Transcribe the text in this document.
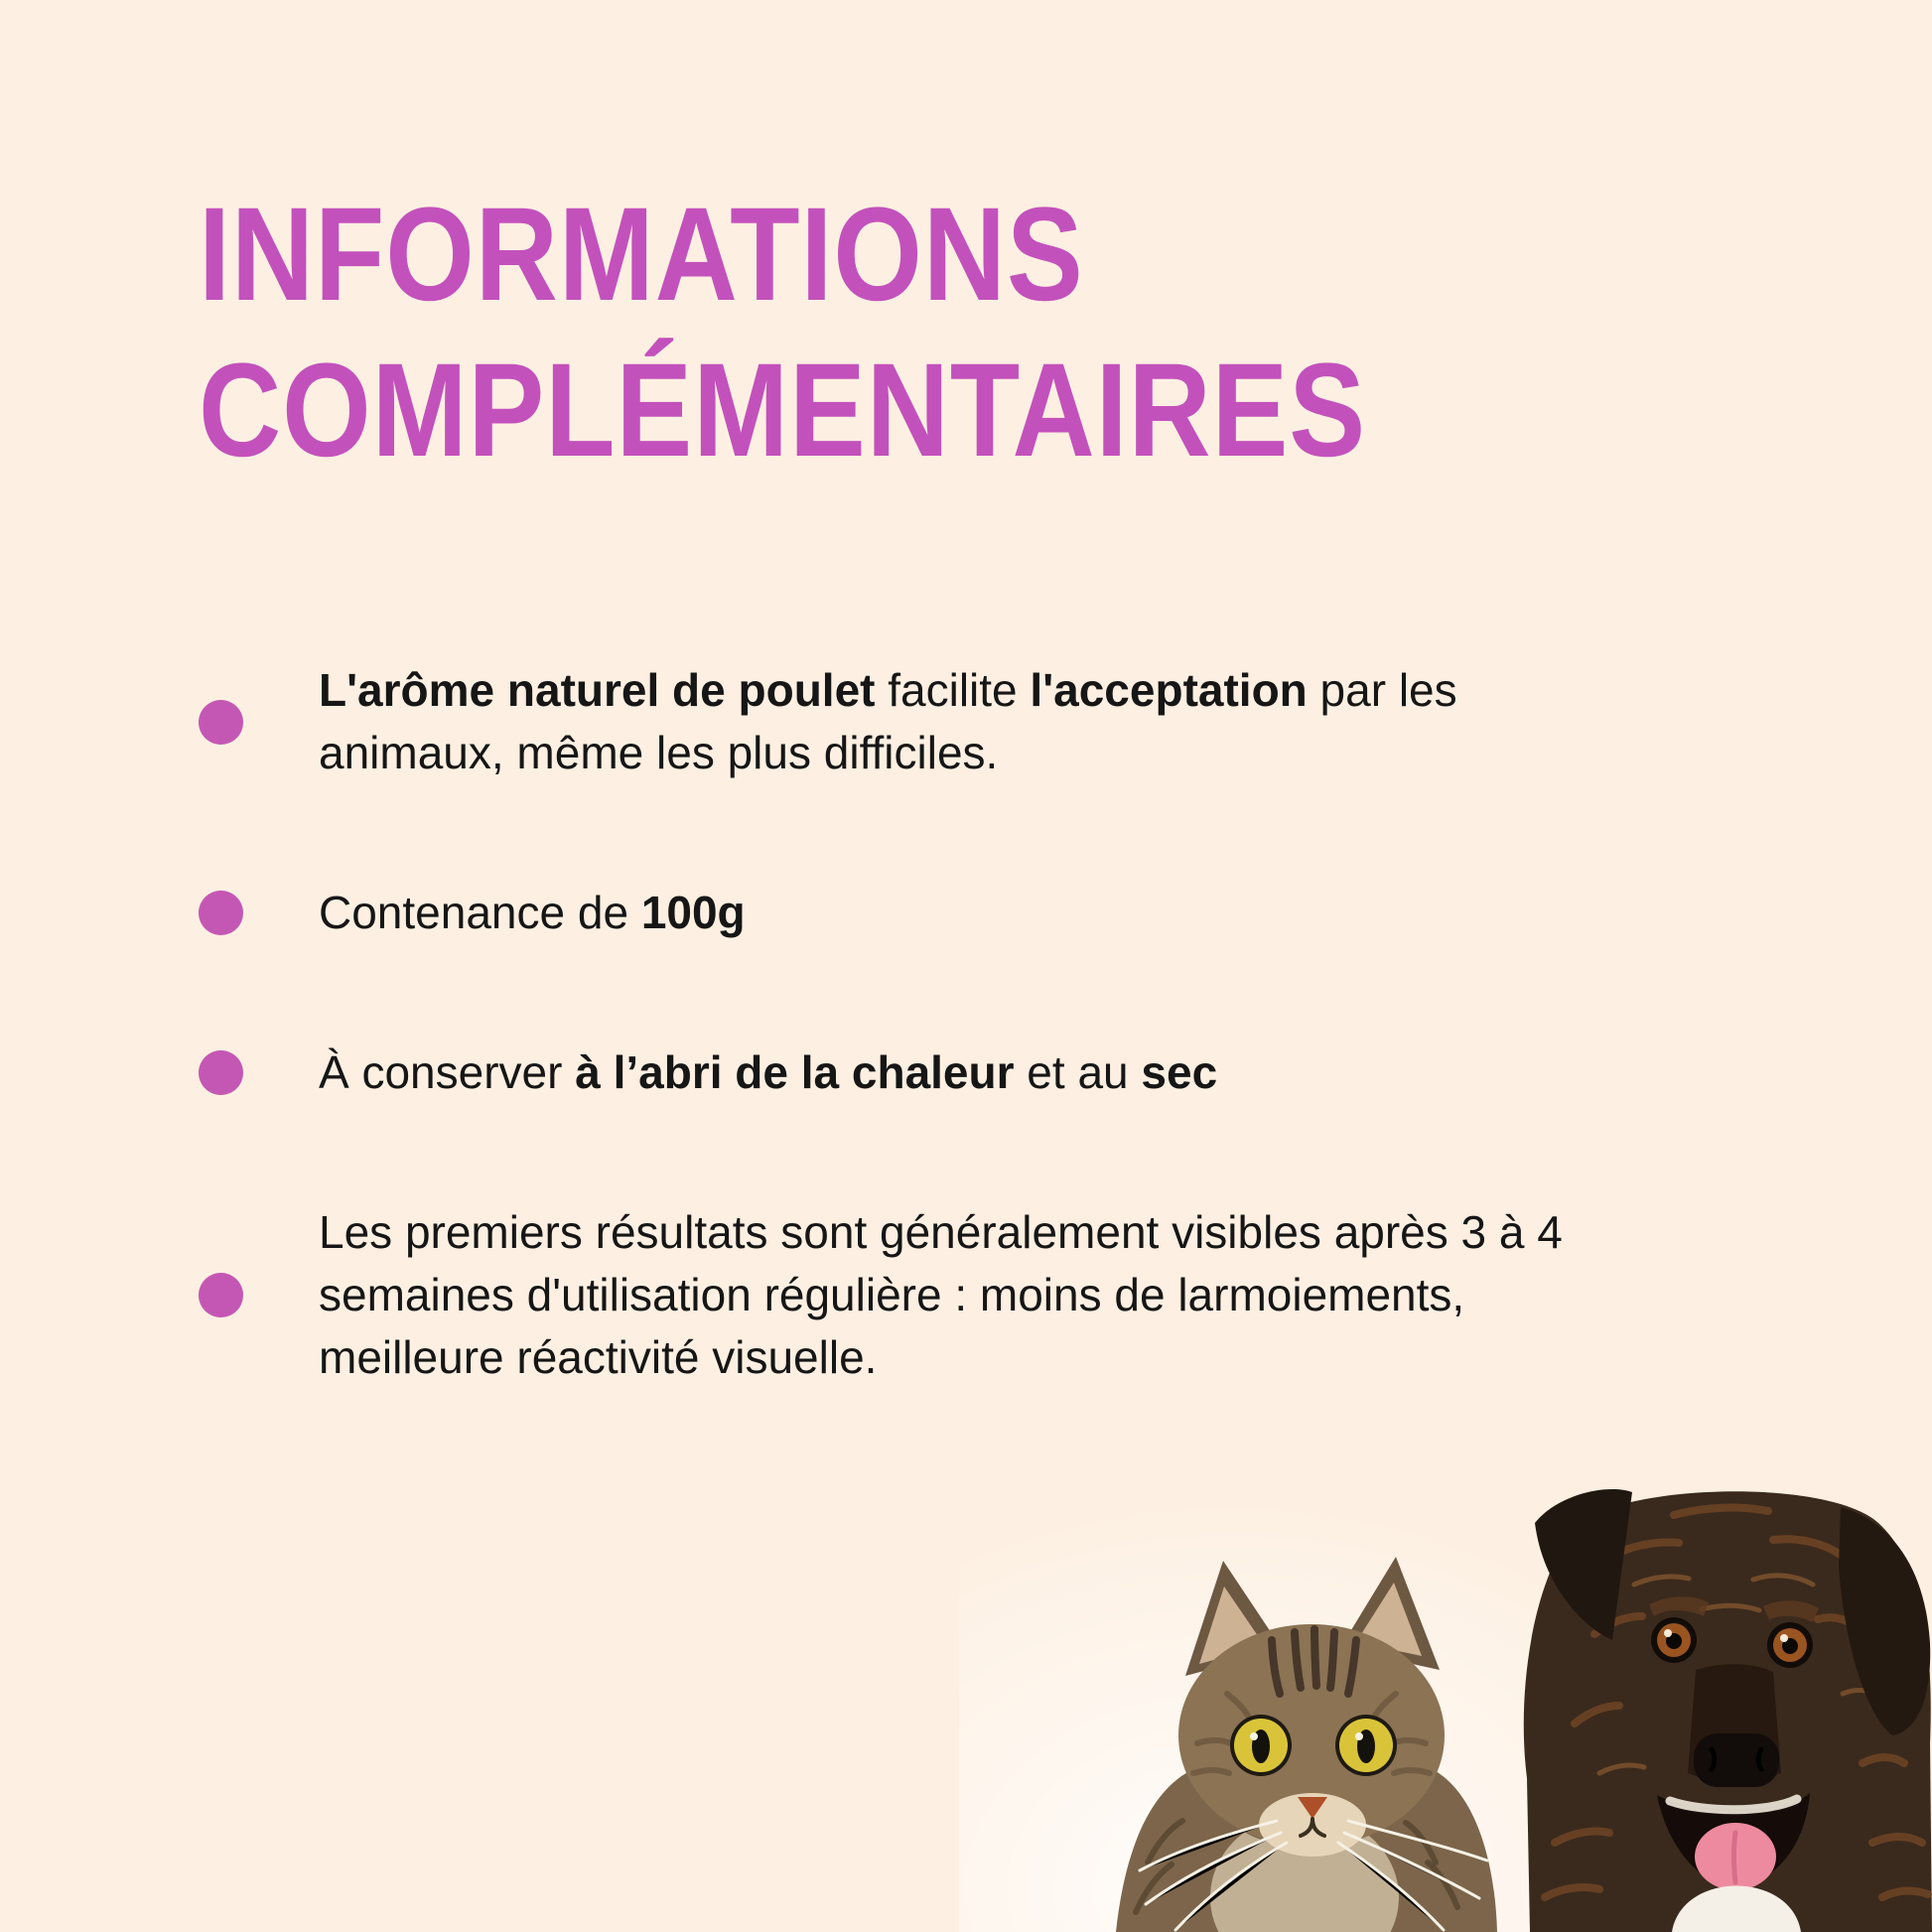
INFORMATIONS
COMPLÉMENTAIRES
L'arôme naturel de poulet facilite l'acceptation par les animaux, même les plus difficiles.
Contenance de 100g
À conserver à l’abri de la chaleur et au sec
Les premiers résultats sont généralement visibles après 3 à 4 semaines d'utilisation régulière : moins de larmoiements, meilleure réactivité visuelle.
